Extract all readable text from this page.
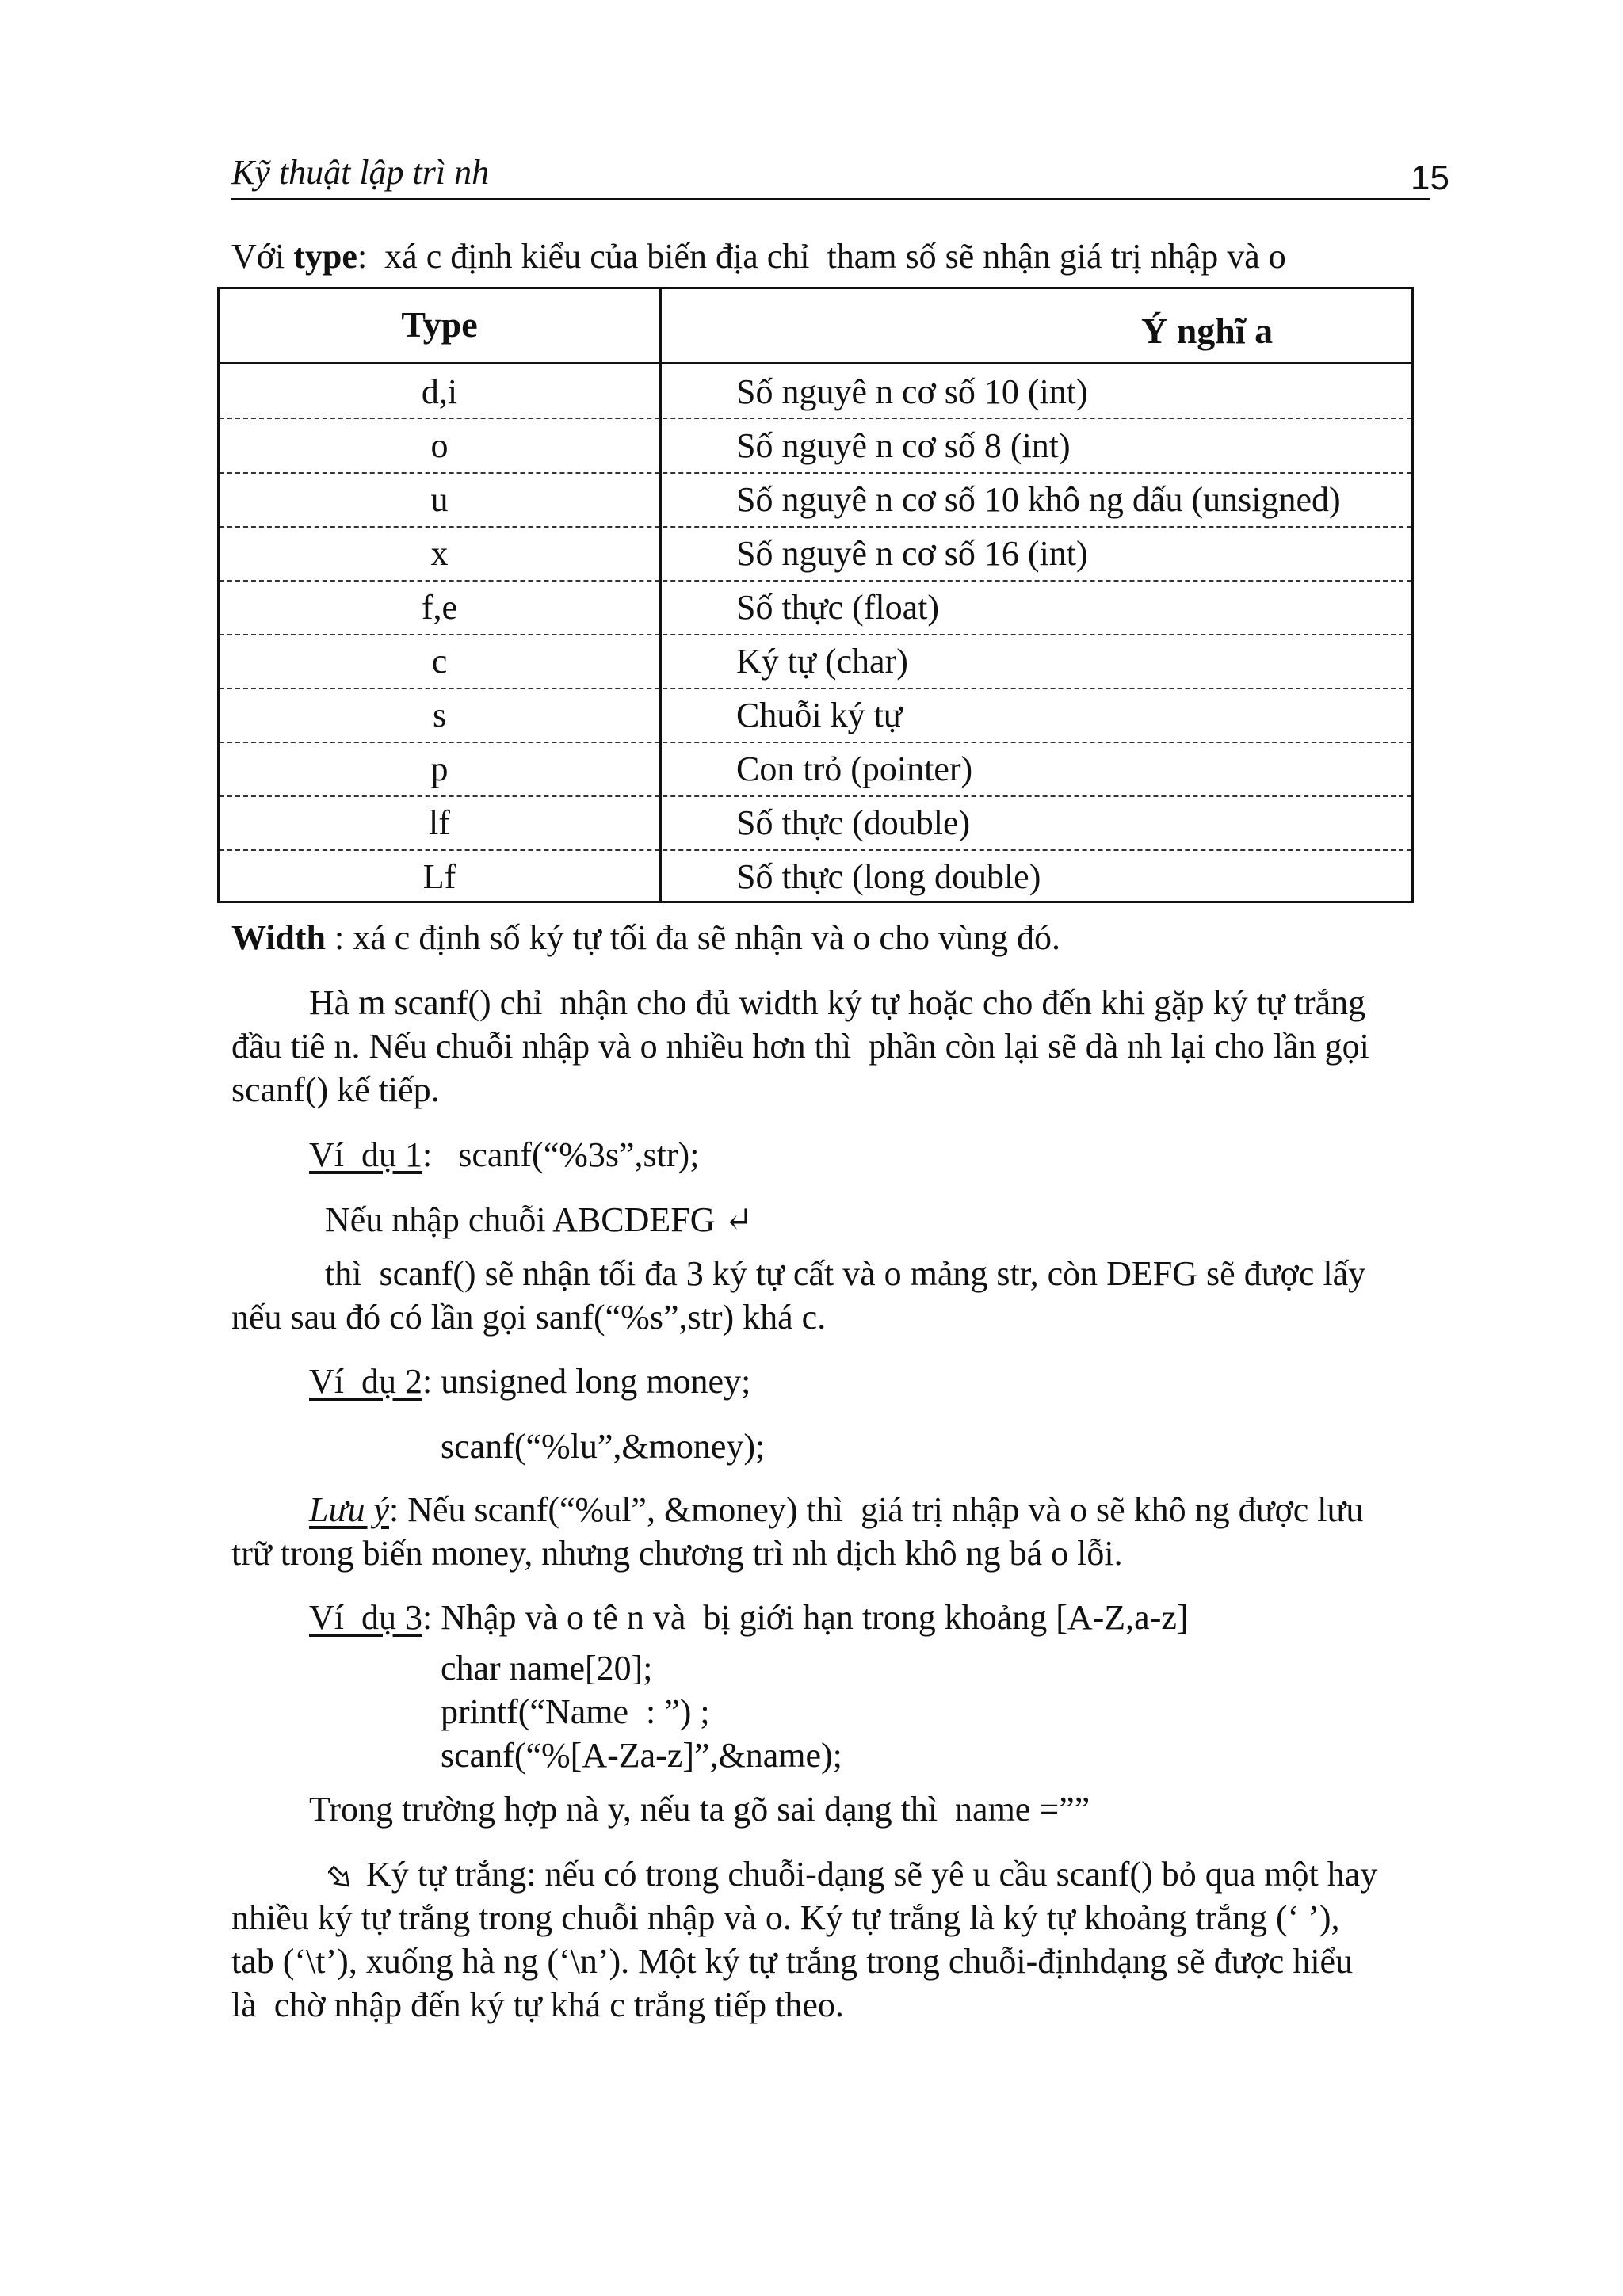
Kỹ thuật lập trì nh	15
Với type:  xá c định kiểu của biến địa chỉ  tham số sẽ nhận giá trị nhập và o
Type	Ý nghĩ a
d,i	Số nguyê n cơ số 10 (int)
o	Số nguyê n cơ số 8 (int)
u	Số nguyê n cơ số 10 khô ng dấu (unsigned)
x	Số nguyê n cơ số 16 (int)
f,e	Số thực (float)
c	Ký tự (char)
s	Chuỗi ký tự
p	Con trỏ (pointer)
lf	Số thực (double)
Lf	Số thực (long double)
Width : xá c định số ký tự tối đa sẽ nhận và o cho vùng đó.
Hà m scanf() chỉ  nhận cho đủ width ký tự hoặc cho đến khi gặp ký tự trắng
đầu tiê n. Nếu chuỗi nhập và o nhiều hơn thì  phần còn lại sẽ dà nh lại cho lần gọi
scanf() kế tiếp.
Ví  dụ 1:   scanf(“%3s”,str);
Nếu nhập chuỗi ABCDEFG ↵
thì  scanf() sẽ nhận tối đa 3 ký tự cất và o mảng str, còn DEFG sẽ được lấy
nếu sau đó có lần gọi sanf(“%s”,str) khá c.
Ví  dụ 2: unsigned long money;
scanf(“%lu”,&money);
Lưu ý: Nếu scanf(“%ul”, &money) thì  giá trị nhập và o sẽ khô ng được lưu
trữ trong biến money, nhưng chương trì nh dịch khô ng bá o lỗi.
Ví  dụ 3: Nhập và o tê n và  bị giới hạn trong khoảng [A-Z,a-z]
char name[20];
printf(“Name  : ”) ;
scanf(“%[A-Za-z]”,&name);
Trong trường hợp nà y, nếu ta gõ sai dạng thì  name =””
Ký tự trắng: nếu có trong chuỗi-dạng sẽ yê u cầu scanf() bỏ qua một hay
nhiều ký tự trắng trong chuỗi nhập và o. Ký tự trắng là ký tự khoảng trắng (‘ ’),
tab (‘\t’), xuống hà ng (‘\n’). Một ký tự trắng trong chuỗi-địnhdạng sẽ được hiểu
là  chờ nhập đến ký tự khá c trắng tiếp theo.
